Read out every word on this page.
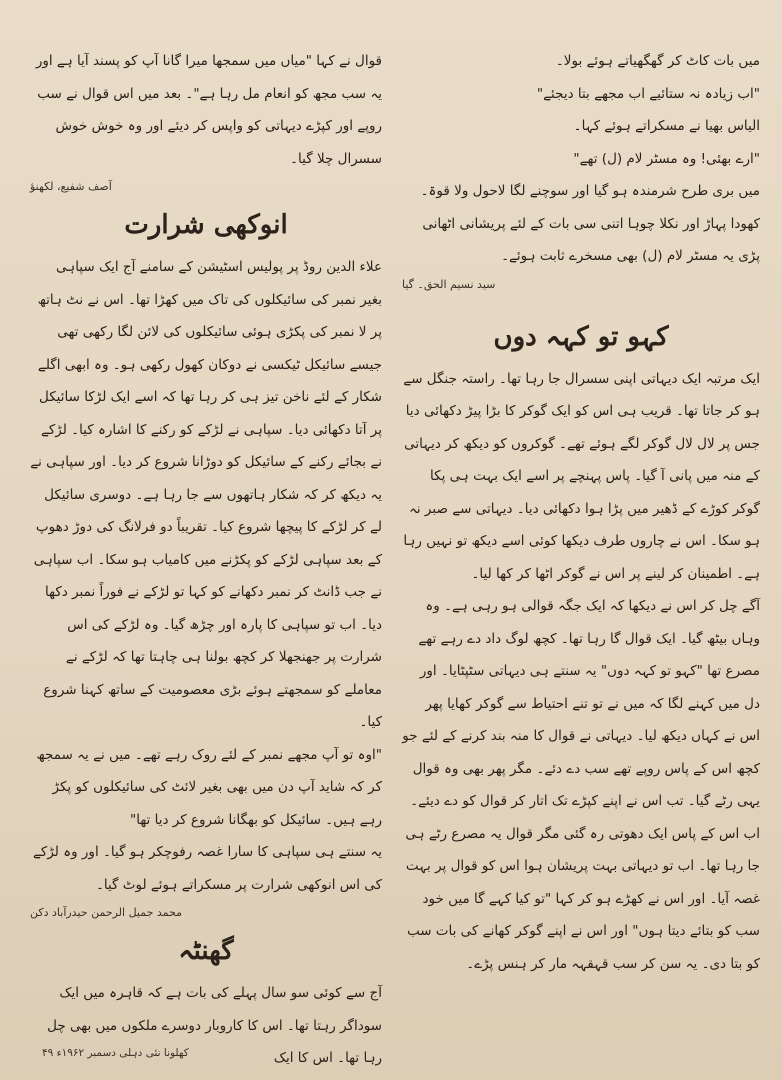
میں بات کاٹ کر گھگھیاتے ہوئے بولا۔

"اب زیادہ نہ ستائیے اب مجھے بتا دیجئے"

الیاس بھیا نے مسکراتے ہوئے کہا۔

"ارے بھئی! وہ مسٹر لام (ل) تھے"

میں بری طرح شرمندہ ہو گیا اور سوچنے لگا لاحول ولا قوۃ۔ کھودا پہاڑ اور نکلا چوہا اتنی سی بات کے لئے پریشانی اٹھانی پڑی یہ مسٹر لام (ل) بھی مسخرے ثابت ہوئے۔

سید نسیم الحق۔ گیا

کہو تو کہہ دوں

ایک مرتبہ ایک دیہاتی اپنی سسرال جا رہا تھا۔ راستہ جنگل سے ہو کر جاتا تھا۔ قریب ہی اس کو ایک گوکر کا بڑا پیڑ دکھائی دیا جس پر لال لال گوکر لگے ہوئے تھے۔ گوکروں کو دیکھ کر دیہاتی کے منہ میں پانی آ گیا۔ پاس پہنچے پر اسے ایک بہت ہی پکا گوکر کوڑے کے ڈھیر میں پڑا ہوا دکھائی دیا۔ دیہاتی سے صبر نہ ہو سکا۔ اس نے چاروں طرف دیکھا کوئی اسے دیکھ تو نہیں رہا ہے۔ اطمینان کر لینے پر اس نے گوکر اٹھا کر کھا لیا۔

آگے چل کر اس نے دیکھا کہ ایک جگہ قوالی ہو رہی ہے۔ وہ وہاں بیٹھ گیا۔ ایک قوال گا رہا تھا۔ کچھ لوگ داد دے رہے تھے مصرع تھا "کہو تو کہہ دوں" یہ سنتے ہی دیہاتی سٹپٹایا۔ اور دل میں کہنے لگا کہ میں نے تو تنے احتیاط سے گوکر کھایا پھر اس نے کہاں دیکھ لیا۔ دیہاتی نے قوال کا منہ بند کرنے کے لئے جو کچھ اس کے پاس روپے تھے سب دے دئے۔ مگر پھر بھی وہ قوال یہی رٹے گیا۔ تب اس نے اپنے کپڑے تک اتار کر قوال کو دے دیئے۔ اب اس کے پاس ایک دھوتی رہ گئی مگر قوال یہ مصرع رٹے ہی جا رہا تھا۔ اب تو دیہاتی بہت پریشان ہوا اس کو قوال پر بہت غصہ آیا۔ اور اس نے کھڑے ہو کر کہا "تو کیا کہے گا میں خود سب کو بتائے دیتا ہوں" اور اس نے اپنے گوکر کھانے کی بات سب کو بتا دی۔ یہ سن کر سب قہقہہ مار کر ہنس پڑے۔

قوال نے کہا "میاں میں سمجھا میرا گانا آپ کو پسند آیا ہے اور یہ سب مجھ کو انعام مل رہا ہے"۔ بعد میں اس قوال نے سب روپے اور کپڑے دیہاتی کو واپس کر دیئے اور وہ خوش خوش سسرال چلا گیا۔

آصف شفیع، لکھنؤ

انوکھی شرارت

علاء الدین روڈ پر پولیس اسٹیشن کے سامنے آج ایک سپاہی بغیر نمبر کی سائیکلوں کی تاک میں کھڑا تھا۔ اس نے نٹ ہاتھ پر لا نمبر کی پکڑی ہوئی سائیکلوں کی لائن لگا رکھی تھی جیسے سائیکل ٹیکسی نے دوکان کھول رکھی ہو۔ وہ ابھی اگلے شکار کے لئے ناخن تیز ہی کر رہا تھا کہ اسے ایک لڑکا سائیکل پر آتا دکھائی دیا۔ سپاہی نے لڑکے کو رکنے کا اشارہ کیا۔ لڑکے نے بجائے رکنے کے سائیکل کو دوڑانا شروع کر دیا۔ اور سپاہی نے یہ دیکھ کر کہ شکار ہاتھوں سے جا رہا ہے۔ دوسری سائیکل لے کر لڑکے کا پیچھا شروع کیا۔ تقریباً دو فرلانگ کی دوڑ دھوپ کے بعد سپاہی لڑکے کو پکڑنے میں کامیاب ہو سکا۔ اب سپاہی نے جب ڈانٹ کر نمبر دکھانے کو کہا تو لڑکے نے فوراً نمبر دکھا دیا۔ اب تو سپاہی کا پارہ اور چڑھ گیا۔ وہ لڑکے کی اس شرارت پر جھنجھلا کر کچھ بولنا ہی چاہتا تھا کہ لڑکے نے معاملے کو سمجھتے ہوئے بڑی معصومیت کے ساتھ کہنا شروع کیا۔

"اوہ تو آپ مجھے نمبر کے لئے روک رہے تھے۔ میں نے یہ سمجھ کر کہ شاید آپ دن میں بھی بغیر لائٹ کی سائیکلوں کو پکڑ رہے ہیں۔ سائیکل کو بھگانا شروع کر دیا تھا"

یہ سنتے ہی سپاہی کا سارا غصہ رفوچکر ہو گیا۔ اور وہ لڑکے کی اس انوکھی شرارت پر مسکراتے ہوئے لوٹ گیا۔

محمد جمیل الرحمن حیدرآباد دکن

گھنٹہ

آج سے کوئی سو سال پہلے کی بات ہے کہ قاہرہ میں ایک سوداگر رہتا تھا۔ اس کا کاروبار دوسرے ملکوں میں بھی چل رہا تھا۔ اس کا ایک

کھلونا نئی دہلی دسمبر ۱۹۶۲ء ۴۹
